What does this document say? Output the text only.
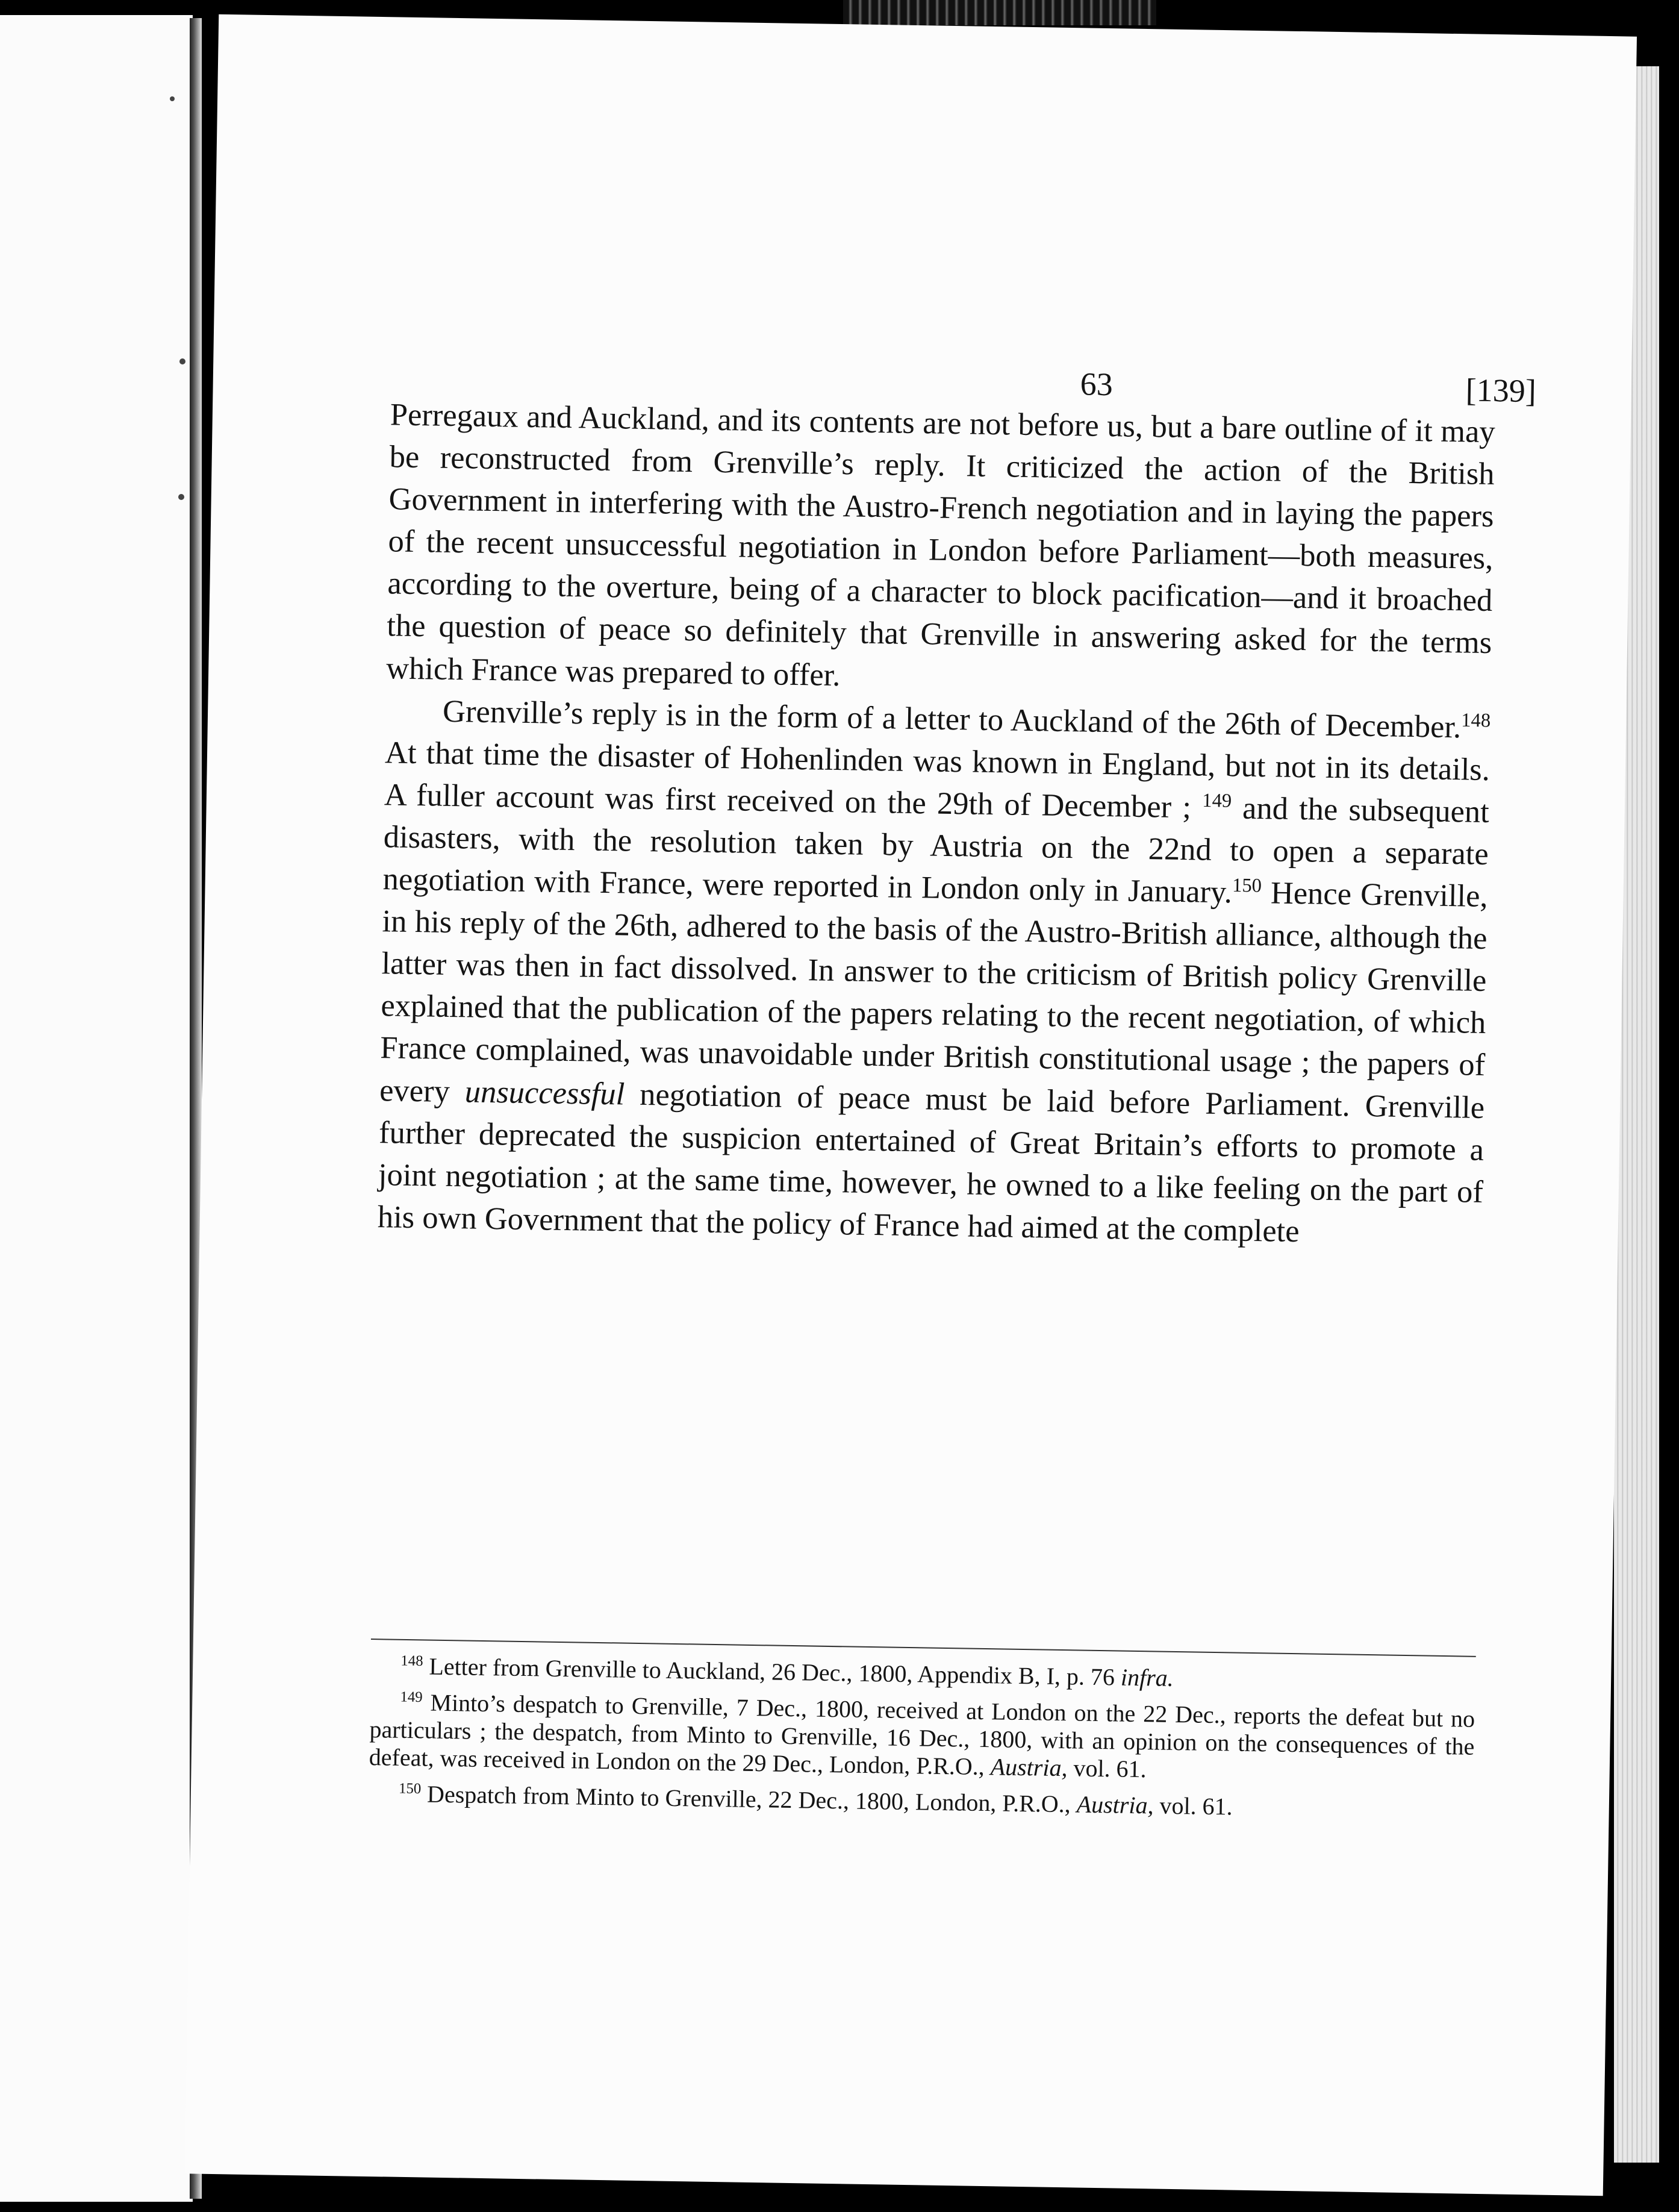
63	[139]

Perregaux and Auckland, and its contents are not before us, but a bare outline of it may be reconstructed from Grenville’s reply. It criticized the action of the British Government in interfering with the Austro-French negotiation and in laying the papers of the recent unsuccessful negotiation in London before Parliament—both measures, according to the overture, being of a character to block pacification—and it broached the question of peace so definitely that Grenville in answering asked for the terms which France was prepared to offer.

Grenville’s reply is in the form of a letter to Auckland of the 26th of December.$^{148}$ At that time the disaster of Hohenlinden was known in England, but not in its details. A fuller account was first received on the 29th of December ; $^{149}$ and the subsequent disasters, with the resolution taken by Austria on the 22nd to open a separate negotiation with France, were reported in London only in January.$^{150}$ Hence Grenville, in his reply of the 26th, adhered to the basis of the Austro-British alliance, although the latter was then in fact dissolved. In answer to the criticism of British policy Grenville explained that the publication of the papers relating to the recent negotiation, of which France complained, was unavoidable under British constitutional usage ; the papers of every unsuccessful negotiation of peace must be laid before Parliament. Grenville further deprecated the suspicion entertained of Great Britain’s efforts to promote a joint negotiation ; at the same time, however, he owned to a like feeling on the part of his own Government that the policy of France had aimed at the complete

$^{148}$ Letter from Grenville to Auckland, 26 Dec., 1800, Appendix B, I, p. 76 infra.

$^{149}$ Minto’s despatch to Grenville, 7 Dec., 1800, received at London on the 22 Dec., reports the defeat but no particulars ; the despatch, from Minto to Grenville, 16 Dec., 1800, with an opinion on the consequences of the defeat, was received in London on the 29 Dec., London, P.R.O., Austria, vol. 61.

$^{150}$ Despatch from Minto to Grenville, 22 Dec., 1800, London, P.R.O., Austria, vol. 61.
